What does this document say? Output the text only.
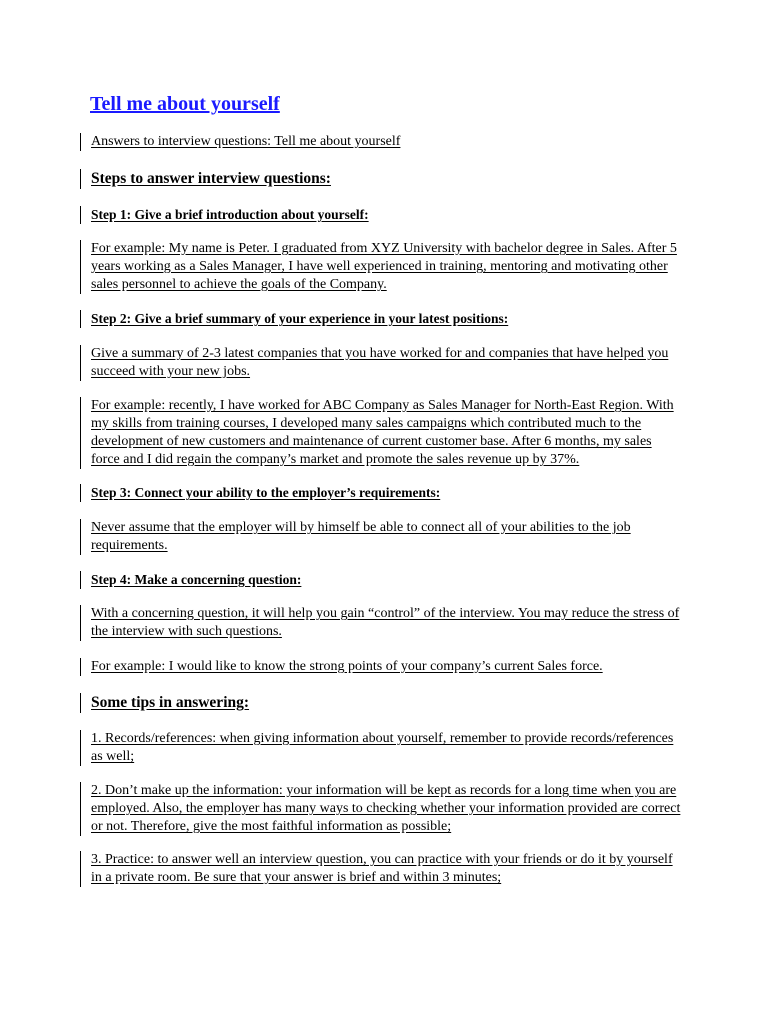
Tell me about yourself

Answers to interview questions: Tell me about yourself

Steps to answer interview questions:

Step 1: Give a brief introduction about yourself:

For example: My name is Peter. I graduated from XYZ University with bachelor degree in Sales. After 5 years working as a Sales Manager, I have well experienced in training, mentoring and motivating other sales personnel to achieve the goals of the Company.

Step 2: Give a brief summary of your experience in your latest positions:

Give a summary of 2-3 latest companies that you have worked for and companies that have helped you succeed with your new jobs.

For example: recently, I have worked for ABC Company as Sales Manager for North-East Region. With my skills from training courses, I developed many sales campaigns which contributed much to the development of new customers and maintenance of current customer base. After 6 months, my sales force and I did regain the company’s market and promote the sales revenue up by 37%.

Step 3: Connect your ability to the employer’s requirements:

Never assume that the employer will by himself be able to connect all of your abilities to the job requirements.

Step 4: Make a concerning question:

With a concerning question, it will help you gain “control” of the interview. You may reduce the stress of the interview with such questions.

For example: I would like to know the strong points of your company’s current Sales force.

Some tips in answering:

1. Records/references: when giving information about yourself, remember to provide records/references as well;

2. Don’t make up the information: your information will be kept as records for a long time when you are employed. Also, the employer has many ways to checking whether your information provided are correct or not. Therefore, give the most faithful information as possible;

3. Practice: to answer well an interview question, you can practice with your friends or do it by yourself in a private room. Be sure that your answer is brief and within 3 minutes;
